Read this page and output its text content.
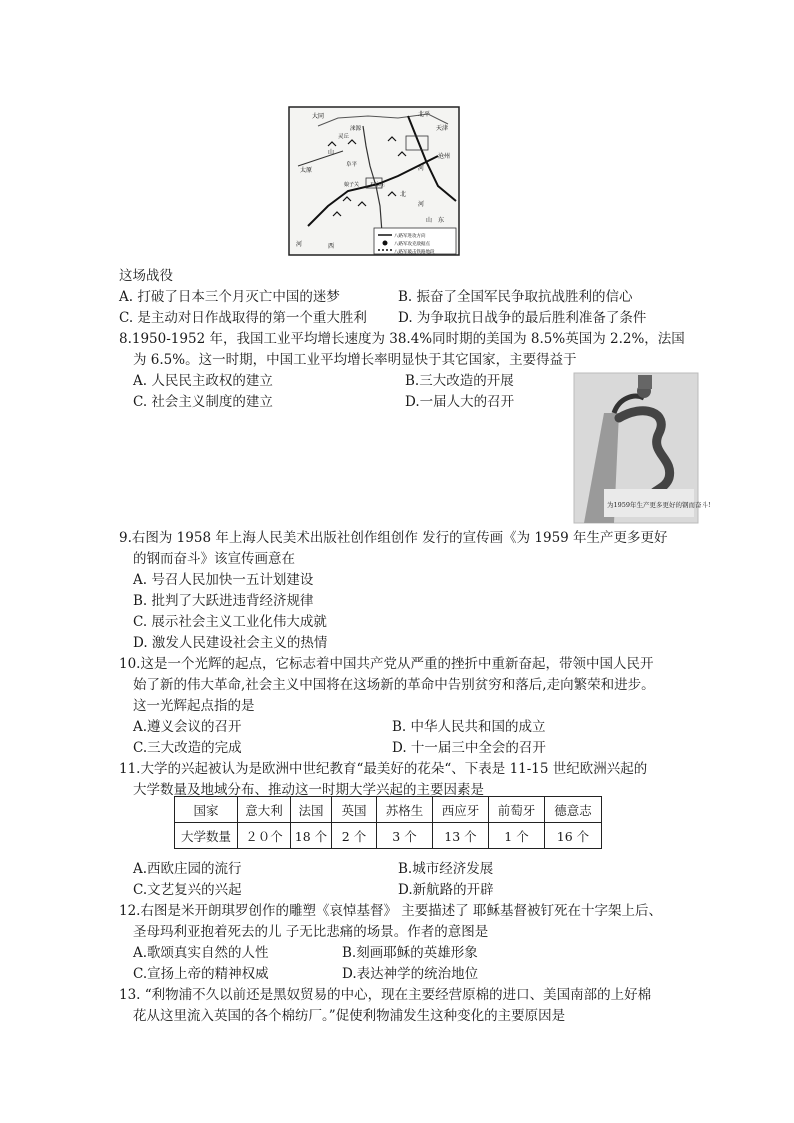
大同	北平
天津
涞源
灵丘
沧州
阜平
石家庄
太原
娘子关
山
河
北
河
山 东
河	西
八路军进攻方向
八路军攻克敌据点
八路军破击铁路地段
这场战役
A. 打破了日本三个月灭亡中国的迷梦	B. 振奋了全国军民争取抗战胜利的信心
C. 是主动对日作战取得的第一个重大胜利 D. 为争取抗日战争的最后胜利准备了条件
8.1950-1952 年，我国工业平均增长速度为 38.4%同时期的美国为 8.5%英国为 2.2%，法国
为 6.5%。这一时期，中国工业平均增长率明显快于其它国家，主要得益于
A. 人民民主政权的建立	B.三大改造的开展
C. 社会主义制度的建立	D.一届人大的召开
为1959年生产更多更好的钢而奋斗!
9.右图为 1958 年上海人民美术出版社创作组创作 发行的宣传画《为 1959 年生产更多更好
的钢而奋斗》该宣传画意在
A. 号召人民加快一五计划建设
B. 批判了大跃进违背经济规律
C. 展示社会主义工业化伟大成就
D. 激发人民建设社会主义的热情
10.这是一个光辉的起点，它标志着中国共产党从严重的挫折中重新奋起，带领中国人民开
始了新的伟大革命,社会主义中国将在这场新的革命中告别贫穷和落后,走向繁荣和进步。
这一光辉起点指的是
A.遵义会议的召开	B. 中华人民共和国的成立
C.三大改造的完成	D. 十一届三中全会的召开
11.大学的兴起被认为是欧洲中世纪教育“最美好的花朵“、下表是 11-15 世纪欧洲兴起的
大学数量及地域分布、推动这一时期大学兴起的主要因素是
国家	意大利	法国	英国	苏格生	西应牙	前萄牙	德意志
大学数量	２０个	18 个	2 个	3 个	13 个	1 个	16 个
A.西欧庄园的流行	B.城市经济发展
C.文艺复兴的兴起	D.新航路的开辟
12.右图是米开朗琪罗创作的雕塑《哀悼基督》 主要描述了 耶稣基督被钉死在十字架上后、
圣母玛利亚抱着死去的儿 子无比悲痛的场景。作者的意图是
A.歌颂真实自然的人性	B.刻画耶稣的英雄形象
C.宣扬上帝的精神权威	D.表达神学的统治地位
13. “利物浦不久以前还是黑奴贸易的中心，现在主要经营原棉的进口、美国南部的上好棉
花从这里流入英国的各个棉纺厂。”促使利物浦发生这种变化的主要原因是
